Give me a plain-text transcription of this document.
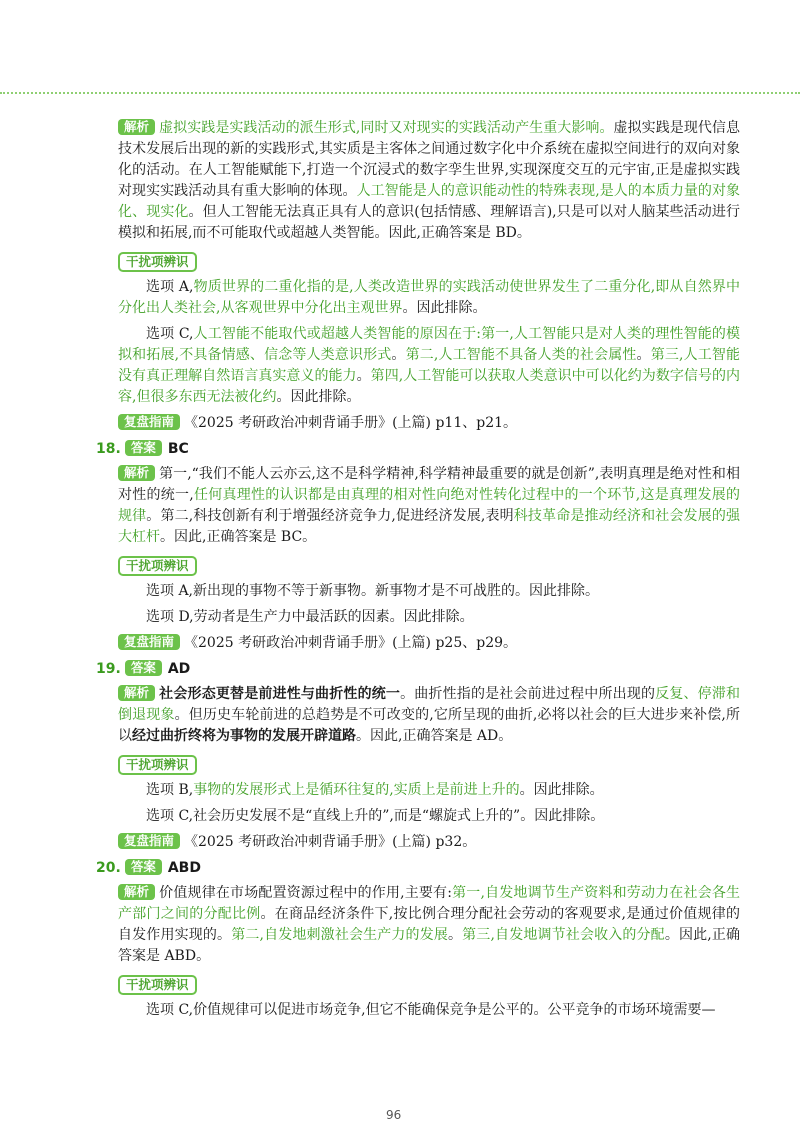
解析 虚拟实践是实践活动的派生形式,同时又对现实的实践活动产生重大影响。虚拟实践是现代信息技术发展后出现的新的实践形式,其实质是主客体之间通过数字化中介系统在虚拟空间进行的双向对象化的活动。在人工智能赋能下,打造一个沉浸式的数字孪生世界,实现深度交互的元宇宙,正是虚拟实践对现实实践活动具有重大影响的体现。人工智能是人的意识能动性的特殊表现,是人的本质力量的对象化、现实化。但人工智能无法真正具有人的意识(包括情感、理解语言),只是可以对人脑某些活动进行模拟和拓展,而不可能取代或超越人类智能。因此,正确答案是 BD。

干扰项辨识

选项 A,物质世界的二重化指的是,人类改造世界的实践活动使世界发生了二重分化,即从自然界中分化出人类社会,从客观世界中分化出主观世界。因此排除。

选项 C,人工智能不能取代或超越人类智能的原因在于:第一,人工智能只是对人类的理性智能的模拟和拓展,不具备情感、信念等人类意识形式。第二,人工智能不具备人类的社会属性。第三,人工智能没有真正理解自然语言真实意义的能力。第四,人工智能可以获取人类意识中可以化约为数字信号的内容,但很多东西无法被化约。因此排除。

复盘指南 《2025 考研政治冲刺背诵手册》(上篇) p11、p21。

18. 答案 BC

解析 第一,“我们不能人云亦云,这不是科学精神,科学精神最重要的就是创新”,表明真理是绝对性和相对性的统一,任何真理性的认识都是由真理的相对性向绝对性转化过程中的一个环节,这是真理发展的规律。第二,科技创新有利于增强经济竞争力,促进经济发展,表明科技革命是推动经济和社会发展的强大杠杆。因此,正确答案是 BC。

干扰项辨识

选项 A,新出现的事物不等于新事物。新事物才是不可战胜的。因此排除。

选项 D,劳动者是生产力中最活跃的因素。因此排除。

复盘指南 《2025 考研政治冲刺背诵手册》(上篇) p25、p29。

19. 答案 AD

解析 社会形态更替是前进性与曲折性的统一。曲折性指的是社会前进过程中所出现的反复、停滞和倒退现象。但历史车轮前进的总趋势是不可改变的,它所呈现的曲折,必将以社会的巨大进步来补偿,所以经过曲折终将为事物的发展开辟道路。因此,正确答案是 AD。

干扰项辨识

选项 B,事物的发展形式上是循环往复的,实质上是前进上升的。因此排除。

选项 C,社会历史发展不是“直线上升的”,而是“螺旋式上升的”。因此排除。

复盘指南 《2025 考研政治冲刺背诵手册》(上篇) p32。

20. 答案 ABD

解析 价值规律在市场配置资源过程中的作用,主要有:第一,自发地调节生产资料和劳动力在社会各生产部门之间的分配比例。在商品经济条件下,按比例合理分配社会劳动的客观要求,是通过价值规律的自发作用实现的。第二,自发地刺激社会生产力的发展。第三,自发地调节社会收入的分配。因此,正确答案是 ABD。

干扰项辨识

选项 C,价值规律可以促进市场竞争,但它不能确保竞争是公平的。公平竞争的市场环境需要—

96
